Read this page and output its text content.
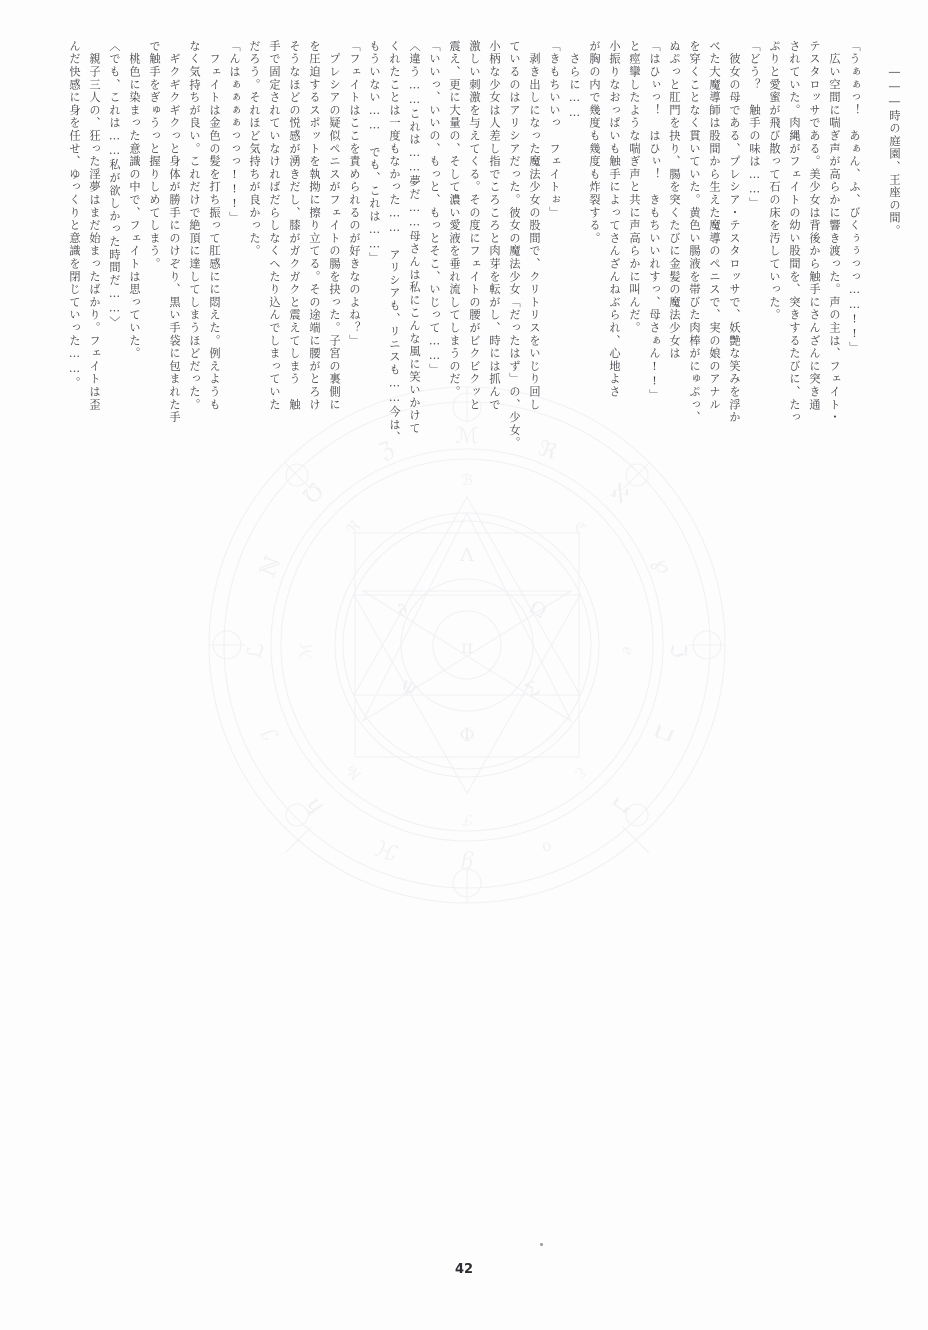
π
∂	Ω
Ψ	Σ
Λ
Φ
ℳ	ℜ
ℵ
℘
ℑ
ℶ
ℷ
ℴ
ℊ
ℋ
ℏ
ℐ
ℒ
ℕ
℧
ℨ
ℬ
ℭ
ℯ
ℰ
ℱ
№
ℳ
ℜ
　　―――時の庭園、王座の間。
「うぁぁっ！　あぁん、ふ、びくぅぅっっ……!!」
　広い空間に喘ぎ声が高らかに響き渡った。声の主は、フェイト・
テスタロッサである。美少女は背後から触手にさんざんに突き通
されていた。肉縄がフェイトの幼い股間を、突きするたびに、たっ
ぷりと愛蜜が飛び散って石の床を汚していった。
「どう？　触手の味は……」
　彼女の母である、プレシア・テスタロッサで、妖艶な笑みを浮か
べた大魔導師は股間から生えた魔導のペニスで、実の娘のアナル
を穿くことなく貫いていた。黄色い腸液を帯びた肉棒がにゅぷっ、
ぬぷっと肛門を抉り、腸を突くたびに金髪の魔法少女は
「はひぃっ！　はひぃ！　きもちいいれすっ、母さぁん!!」
と痙攣したような喘ぎ声と共に声高らかに叫んだ。
小振りなおっぱいも触手によってさんざんねぶられ、心地よさ
が胸の内で幾度も幾度も炸裂する。
　さらに……
「きもちいいっ　フェイトぉ」
　剥き出しになった魔法少女の股間で、クリトリスをいじり回し
ているのはアリシアだった。彼女の魔法少女「だったはず」の、少女。
小柄な少女は人差し指でころころと肉芽を転がし、時には抓んで
激しい刺激を与えてくる。その度にフェイトの腰がビクビクッと
震え、更に大量の、そして濃い愛液を垂れ流してしまうのだ。
「いいっ、いいの、もっと、もっとそこ、いじって……」
〈違う……これは……夢だ……母さんは私にこんな風に笑いかけて
くれたことは一度もなかった……　アリシアも、リニスも……今は、
もういない……　でも、これは……」
「フェイトはここを責められるのが好きなのよね？」
　プレシアの疑似ペニスがフェイトの腸を抉った。子宮の裏側に
を圧迫するスポットを執拗に擦り立てる。その途端に腰がとろけ
そうなほどの悦感が湧きだし、膝がガクガクと震えてしまう　触
手で固定されていなければだらしなくへたり込んでしまっていた
だろう。それほど気持ちが良かった。
「んはぁぁぁぁっっっ!!!」
　フェイトは金色の髪を打ち振って肛感にに悶えた。例えようも
なく気持ちが良い。これだけで絶頂に達してしまうほどだった。
　ギクギクギクっと身体が勝手にのけぞり、黒い手袋に包まれた手
で触手をぎゅうっと握りしめてしまう。
　桃色に染まった意識の中で、フェイトは思っていた。
〈でも、これは……私が欲しかった時間だ……〉
　親子三人の、狂った淫夢はまだ始まったばかり。フェイトは歪
んだ快感に身を任せ、ゆっくりと意識を閉じていった……。
42
